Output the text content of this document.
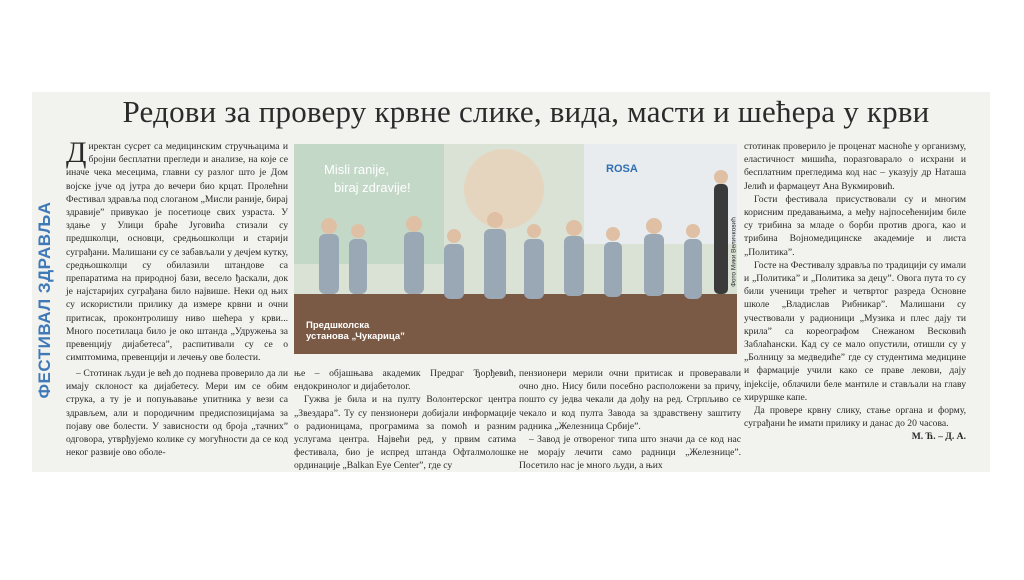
Редови за проверу крвне слике, вида, масти и шећера у крви
ФЕСТИВАЛ ЗДРАВЉА

Директан сусрет са медицинским стручњацима и бројни бесплатни прегледи и анализе, на које се иначе чека месецима, главни су разлог што је Дом војске јуче од јутра до вечери био крцат. Пролећни Фестивал здравља под слоганом „Мисли раније, бирај здравије” привукао је посетиоце свих узраста. У здање у Улици браће Југовића стизали су предшколци, основци, средњошколци и старији суграђани. Малишани су се забављали у дечјем кутку, средњошколци су обилазили штандове са препаратима на природној бази, весело ђаскали, док је најстаријих суграђана било највише. Неки од њих су искористили прилику да измере крвни и очни притисак, проконтролишу ниво шећера у крви... Много посетилаца било је око штанда „Удружења за превенцију дијабетеса”, распитивали су се о симптомима, превенцији и лечењу ове болести.

– Стотинак људи је већ до поднева проверило да ли имају склоност ка дијабетесу. Мери им се обим струка, а ту је и попуњавање упитника у вези са здрављем, али и породичним предиспозицијама за појаву ове болести. У зависности од броја „тачних” одговора, утврђујемо колике су могућности да се код неког развије ово оболе-

Misli ranije,
biraj zdravije!
ROSA
Предшколска
установа „Чукарица”
Фото Мики Величковић

ње – објашњава академик Предраг Ђорђевић, ендокринолог и дијабетолог.

Гужва је била и на пулту Волонтерског центра „Звездара”. Ту су пензионери добијали информације о радионицама, програмима за помоћ и разним услугама центра. Највећи ред, у првим сатима фестивала, био је испред штанда Офталмолошке ординације „Balkan Eye Center”, где су

пензионери мерили очни притисак и проверавали очно дно. Нису били посебно расположени за причу, пошто су једва чекали да дођу на ред. Стрпљиво се чекало и код пулта Завода за здравствену заштиту радника „Железница Србије”.

– Завод је отвореног типа што значи да се код нас не морају лечити само радници „Железнице”. Посетило нас је много људи, а њих

стотинак проверило је проценат масноће у организму, еластичност мишића, поразговарало о исхрани и бесплатним прегледима код нас – указују др Наташа Јелић и фармацеут Ана Вукмировић.

Гости фестивала присуствовали су и многим корисним предавањима, а међу најпосећенијим биле су трибина за младе о борби против дрога, као и трибина Војномедицинске академије и листа „Политика”.

Госте на Фестивалу здравља по традицији су имали и „Политика” и „Политика за децу”. Овога пута то су били ученици трећег и четвртог разреда Основне школе „Владислав Рибникар”. Малишани су учествовали у радионици „Музика и плес дају ти крила” са кореографом Снежаном Весковић Заблаћански. Кад су се мало опустили, отишли су у „Болницу за медведиће” где су студентима медицине и фармације учили како се праве лекови, дају injekcije, облачили беле мантиле и стављали на главу хируршке капе.

Да провере крвну слику, стање органа и форму, суграђани ће имати прилику и данас до 20 часова.

М. Ћ. – Д. А.
